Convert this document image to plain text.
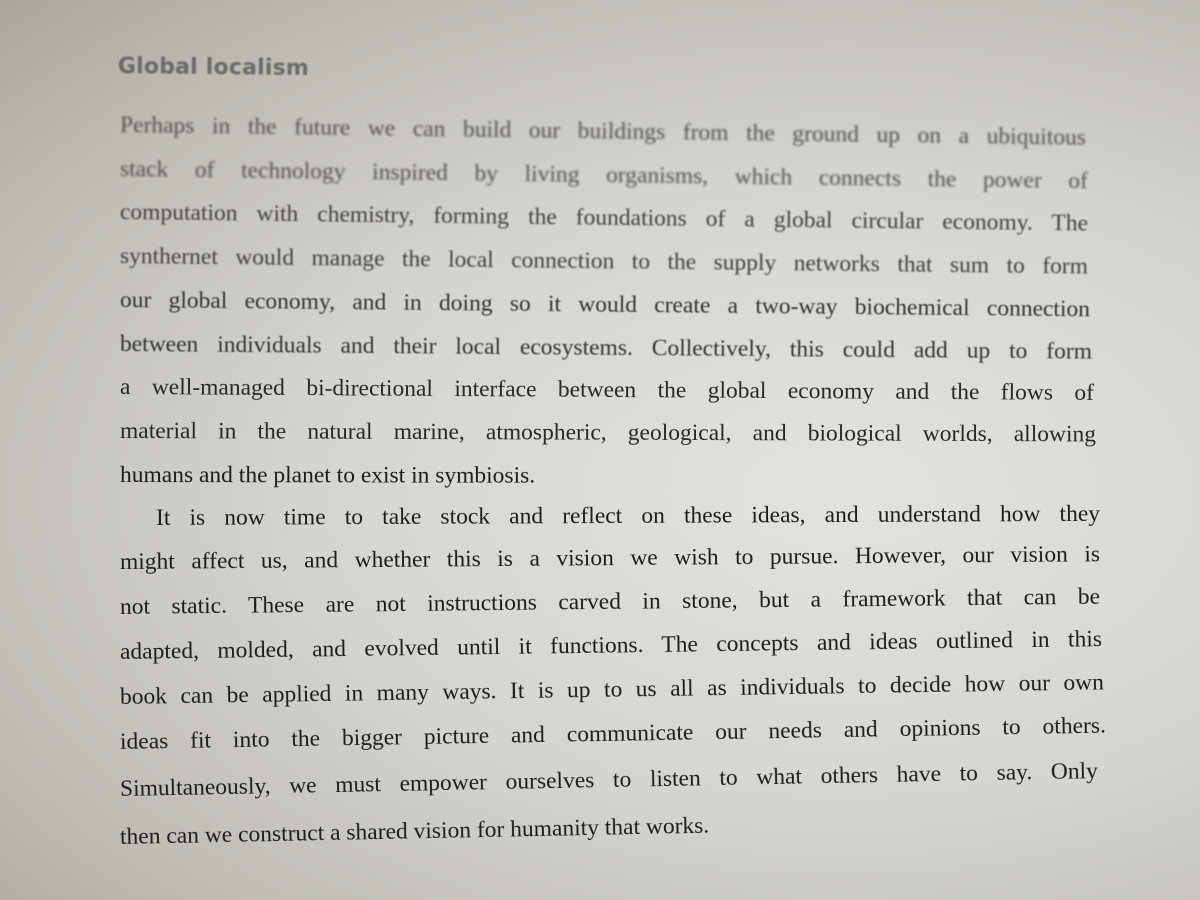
Global localism

Perhaps in the future we can build our buildings from the ground up on a ubiquitous

stack of technology inspired by living organisms, which connects the power of

computation with chemistry, forming the foundations of a global circular economy. The

synthernet would manage the local connection to the supply networks that sum to form

our global economy, and in doing so it would create a two-way biochemical connection

between individuals and their local ecosystems. Collectively, this could add up to form

a well-managed bi-directional interface between the global economy and the flows of

material in the natural marine, atmospheric, geological, and biological worlds, allowing

humans and the planet to exist in symbiosis.

It is now time to take stock and reflect on these ideas, and understand how they

might affect us, and whether this is a vision we wish to pursue. However, our vision is

not static. These are not instructions carved in stone, but a framework that can be

adapted, molded, and evolved until it functions. The concepts and ideas outlined in this

book can be applied in many ways. It is up to us all as individuals to decide how our own

ideas fit into the bigger picture and communicate our needs and opinions to others.

Simultaneously, we must empower ourselves to listen to what others have to say. Only

then can we construct a shared vision for humanity that works.
